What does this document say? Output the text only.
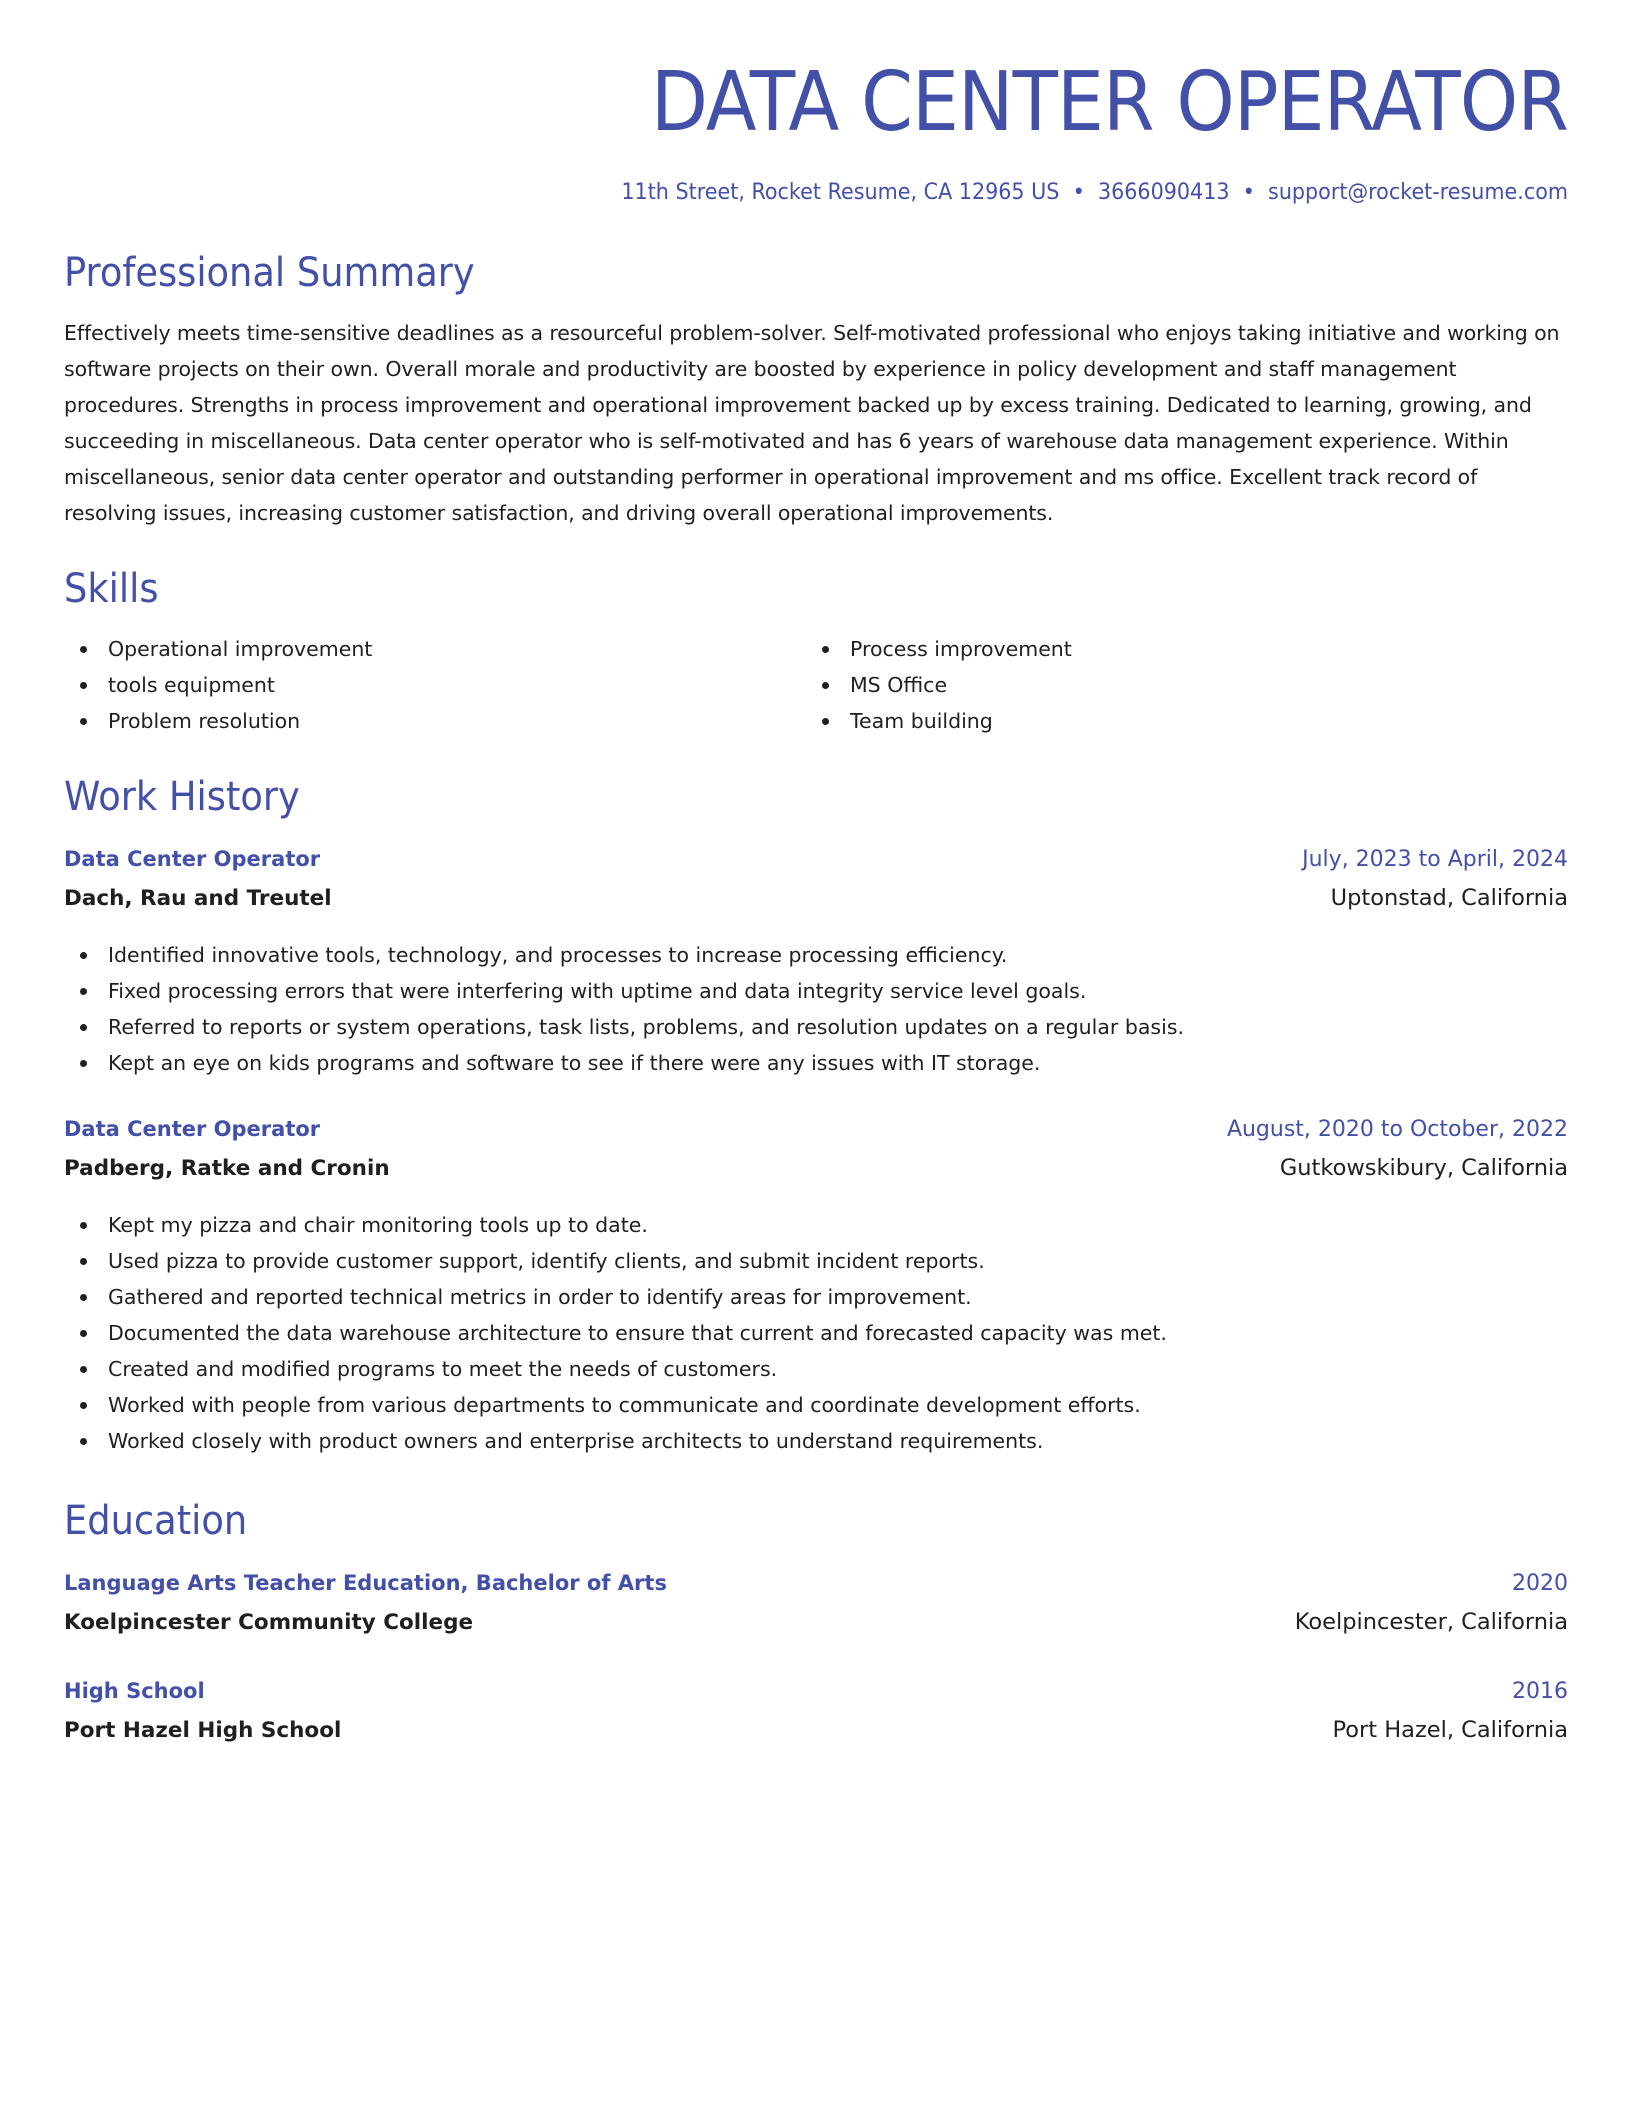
DATA CENTER OPERATOR
11th Street, Rocket Resume, CA 12965 US • 3666090413 • support@rocket-resume.com
Professional Summary
Effectively meets time-sensitive deadlines as a resourceful problem-solver. Self-motivated professional who enjoys taking initiative and working on software projects on their own. Overall morale and productivity are boosted by experience in policy development and staff management procedures. Strengths in process improvement and operational improvement backed up by excess training. Dedicated to learning, growing, and succeeding in miscellaneous. Data center operator who is self-motivated and has 6 years of warehouse data management experience. Within miscellaneous, senior data center operator and outstanding performer in operational improvement and ms office. Excellent track record of resolving issues, increasing customer satisfaction, and driving overall operational improvements.
Skills
Operational improvement
tools equipment
Problem resolution
Process improvement
MS Office
Team building
Work History
Data Center Operator	July, 2023 to April, 2024
Dach, Rau and Treutel	Uptonstad, California
Identified innovative tools, technology, and processes to increase processing efficiency.
Fixed processing errors that were interfering with uptime and data integrity service level goals.
Referred to reports or system operations, task lists, problems, and resolution updates on a regular basis.
Kept an eye on kids programs and software to see if there were any issues with IT storage.
Data Center Operator	August, 2020 to October, 2022
Padberg, Ratke and Cronin	Gutkowskibury, California
Kept my pizza and chair monitoring tools up to date.
Used pizza to provide customer support, identify clients, and submit incident reports.
Gathered and reported technical metrics in order to identify areas for improvement.
Documented the data warehouse architecture to ensure that current and forecasted capacity was met.
Created and modified programs to meet the needs of customers.
Worked with people from various departments to communicate and coordinate development efforts.
Worked closely with product owners and enterprise architects to understand requirements.
Education
Language Arts Teacher Education, Bachelor of Arts	2020
Koelpincester Community College	Koelpincester, California
High School	2016
Port Hazel High School	Port Hazel, California
